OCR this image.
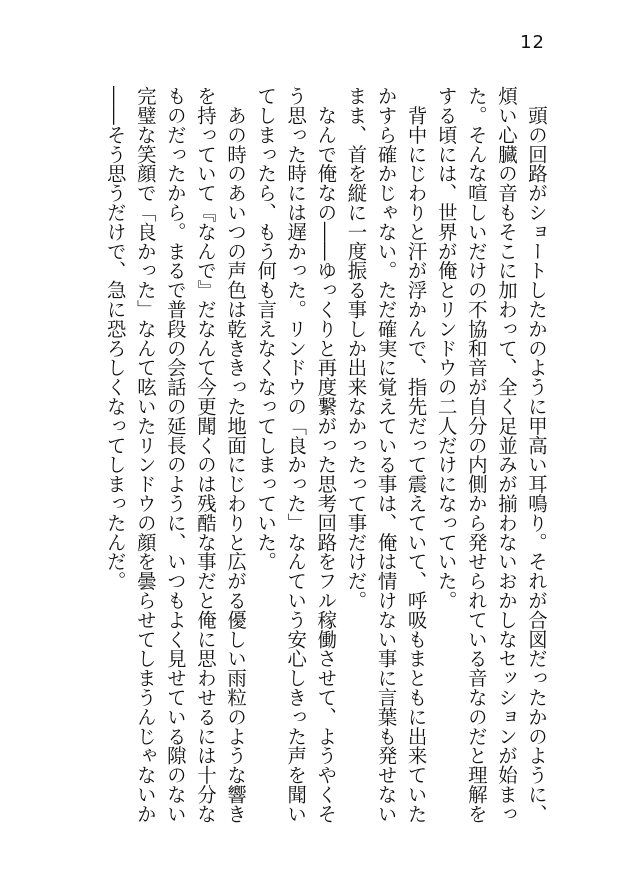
12
　頭の回路がショートしたかのように甲高い耳鳴り。それが合図だったかのように、
煩い心臓の音もそこに加わって、全く足並みが揃わないおかしなセッションが始まっ
た。そんな喧しいだけの不協和音が自分の内側から発せられている音なのだと理解を
する頃には、世界が俺とリンドウの二人だけになっていた。
　背中にじわりと汗が浮かんで、指先だって震えていて、呼吸もまともに出来ていた
かすら確かじゃない。ただ確実に覚えている事は、俺は情けない事に言葉も発せない
まま、首を縦に一度振る事しか出来なかったって事だけだ。
　なんで俺なの――ゆっくりと再度繋がった思考回路をフル稼働させて、ようやくそ
う思った時には遅かった。リンドウの「良かった」なんていう安心しきった声を聞い
てしまったら、もう何も言えなくなってしまっていた。
　あの時のあいつの声色は乾ききった地面にじわりと広がる優しい雨粒のような響き
を持っていて『なんで』だなんて今更聞くのは残酷な事だと俺に思わせるには十分な
ものだったから。まるで普段の会話の延長のように、いつもよく見せている隙のない
完璧な笑顔で「良かった」なんて呟いたリンドウの顔を曇らせてしまうんじゃないか
――そう思うだけで、急に恐ろしくなってしまったんだ。
